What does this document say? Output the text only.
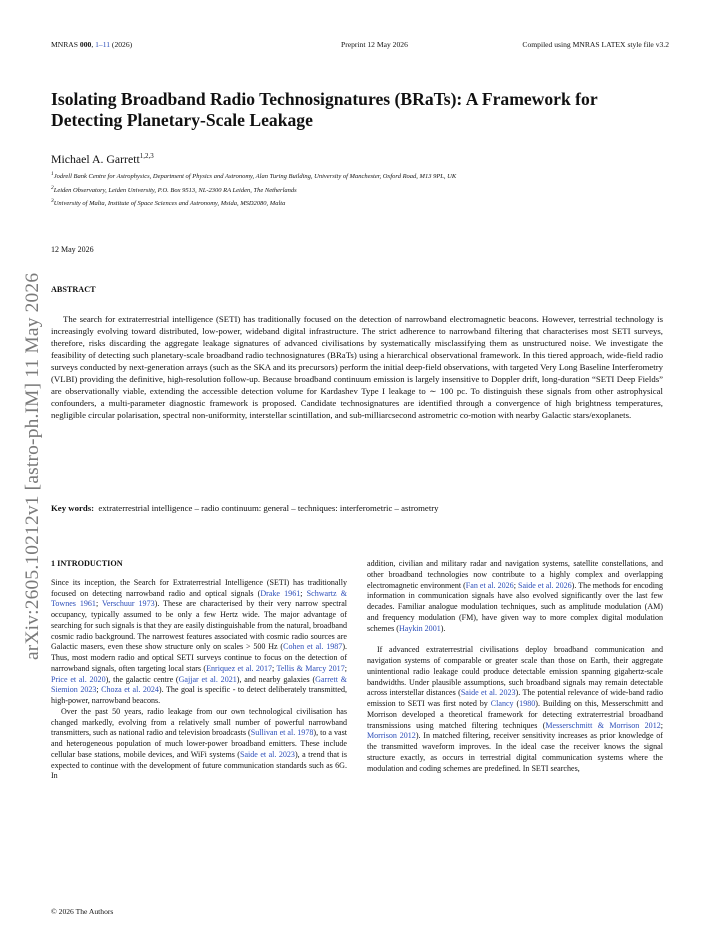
MNRAS 000, 1–11 (2026)	Preprint 12 May 2026	Compiled using MNRAS LATEX style file v3.2
arXiv:2605.10212v1 [astro-ph.IM] 11 May 2026
Isolating Broadband Radio Technosignatures (BRaTs): A Framework for Detecting Planetary-Scale Leakage
Michael A. Garrett$^{1,2,3}$
$^1$Jodrell Bank Centre for Astrophysics, Department of Physics and Astronomy, Alan Turing Building, University of Manchester, Oxford Road, M13 9PL, UK
$^2$Leiden Observatory, Leiden University, P.O. Box 9513, NL-2300 RA Leiden, The Netherlands
$^3$University of Malta, Institute of Space Sciences and Astronomy, Msida, MSD2080, Malta
12 May 2026
ABSTRACT
The search for extraterrestrial intelligence (SETI) has traditionally focused on the detection of narrowband electromagnetic beacons. However, terrestrial technology is increasingly evolving toward distributed, low-power, wideband digital infrastructure. The strict adherence to narrowband filtering that characterises most SETI surveys, therefore, risks discarding the aggregate leakage signatures of advanced civilisations by systematically misclassifying them as unstructured noise. We investigate the feasibility of detecting such planetary-scale broadband radio technosignatures (BRaTs) using a hierarchical observational framework. In this tiered approach, wide-field radio surveys conducted by next-generation arrays (such as the SKA and its precursors) perform the initial deep-field observations, with targeted Very Long Baseline Interferometry (VLBI) providing the definitive, high-resolution follow-up. Because broadband continuum emission is largely insensitive to Doppler drift, long-duration “SETI Deep Fields” are observationally viable, extending the accessible detection volume for Kardashev Type I leakage to ∼ 100 pc. To distinguish these signals from other astrophysical confounders, a multi-parameter diagnostic framework is proposed. Candidate technosignatures are identified through a convergence of high brightness temperatures, negligible circular polarisation, spectral non-uniformity, interstellar scintillation, and sub-milliarcsecond astrometric co-motion with nearby Galactic stars/exoplanets.
Key words: extraterrestrial intelligence – radio continuum: general – techniques: interferometric – astrometry
1 INTRODUCTION

Since its inception, the Search for Extraterrestrial Intelligence (SETI) has traditionally focused on detecting narrowband radio and optical signals (Drake 1961; Schwartz & Townes 1961; Verschuur 1973). These are characterised by their very narrow spectral occupancy, typically assumed to be only a few Hertz wide. The major advantage of searching for such signals is that they are easily distinguishable from the natural, broadband cosmic radio background. The narrowest features associated with cosmic radio sources are Galactic masers, even these show structure only on scales > 500 Hz (Cohen et al. 1987). Thus, most modern radio and optical SETI surveys continue to focus on the detection of narrowband signals, often targeting local stars (Enriquez et al. 2017; Tellis & Marcy 2017; Price et al. 2020), the galactic centre (Gajjar et al. 2021), and nearby galaxies (Garrett & Siemion 2023; Choza et al. 2024). The goal is specific - to detect deliberately transmitted, high-power, narrowband beacons.

Over the past 50 years, radio leakage from our own technological civilisation has changed markedly, evolving from a relatively small number of powerful narrowband transmitters, such as national radio and television broadcasts (Sullivan et al. 1978), to a vast and heterogeneous population of much lower-power broadband emitters. These include cellular base stations, mobile devices, and WiFi systems (Saide et al. 2023), a trend that is expected to continue with the development of future communication standards such as 6G. In

addition, civilian and military radar and navigation systems, satellite constellations, and other broadband technologies now contribute to a highly complex and overlapping electromagnetic environment (Fan et al. 2026; Saide et al. 2026). The methods for encoding information in communication signals have also evolved significantly over the last few decades. Familiar analogue modulation techniques, such as amplitude modulation (AM) and frequency modulation (FM), have given way to more complex digital modulation schemes (Haykin 2001).

If advanced extraterrestrial civilisations deploy broadband communication and navigation systems of comparable or greater scale than those on Earth, their aggregate unintentional radio leakage could produce detectable emission spanning gigahertz-scale bandwidths. Under plausible assumptions, such broadband signals may remain detectable across interstellar distances (Saide et al. 2023). The potential relevance of wide-band radio emission to SETI was first noted by Clancy (1980). Building on this, Messerschmitt and Morrison developed a theoretical framework for detecting extraterrestrial broadband transmissions using matched filtering techniques (Messerschmitt & Morrison 2012; Morrison 2012). In matched filtering, receiver sensitivity increases as prior knowledge of the transmitted waveform improves. In the ideal case the receiver knows the signal structure exactly, as occurs in terrestrial digital communication systems where the modulation and coding schemes are predefined. In SETI searches,

© 2026 The Authors
